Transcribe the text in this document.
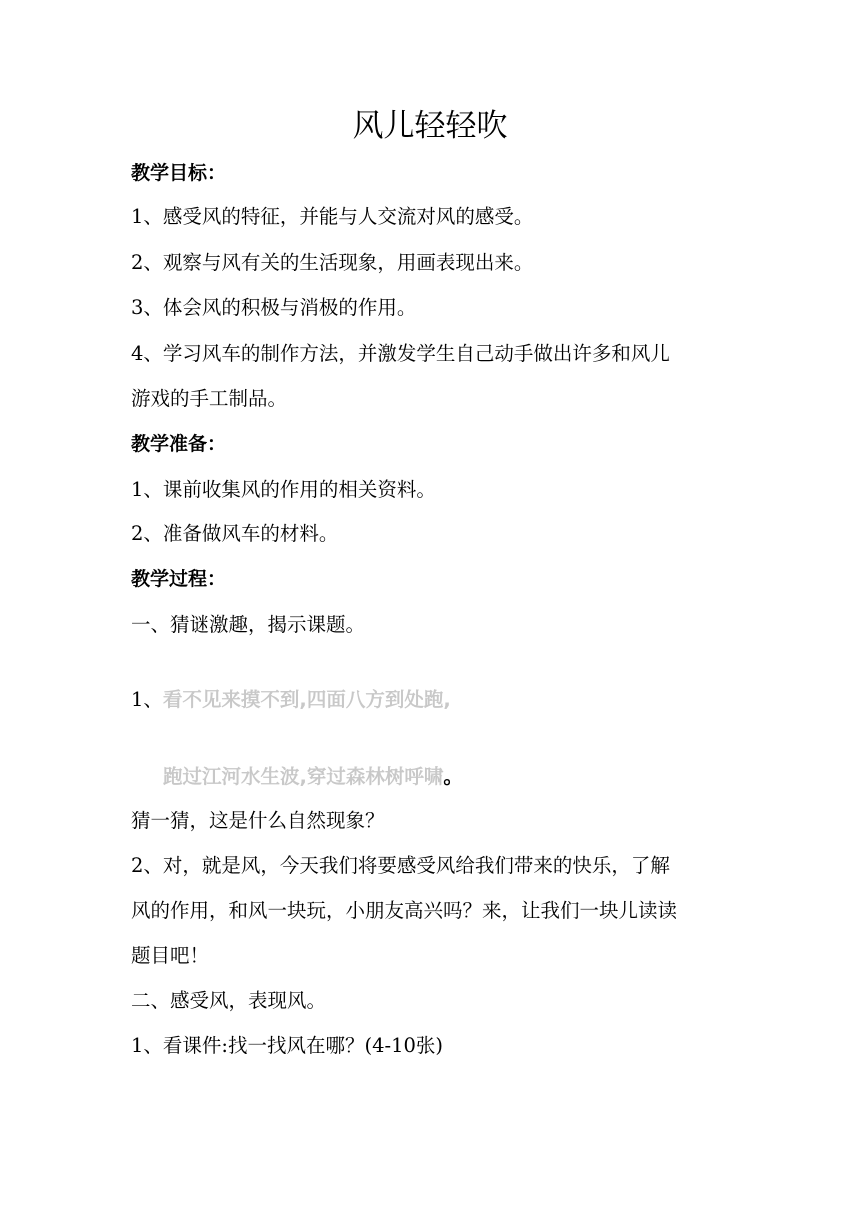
风儿轻轻吹
教学目标：
1、感受风的特征，并能与人交流对风的感受。
2、观察与风有关的生活现象，用画表现出来。
3、体会风的积极与消极的作用。
4、学习风车的制作方法，并激发学生自己动手做出许多和风儿
游戏的手工制品。
教学准备：
1、课前收集风的作用的相关资料。
2、准备做风车的材料。
教学过程：
一、猜谜激趣，揭示课题。
1、看不见来摸不到,四面八方到处跑,
跑过江河水生波,穿过森林树呼啸。
猜一猜，这是什么自然现象？
2、对，就是风，今天我们将要感受风给我们带来的快乐，了解
风的作用，和风一块玩，小朋友高兴吗？来，让我们一块儿读读
题目吧！
二、感受风，表现风。
1、看课件:找一找风在哪？(4-10张)
